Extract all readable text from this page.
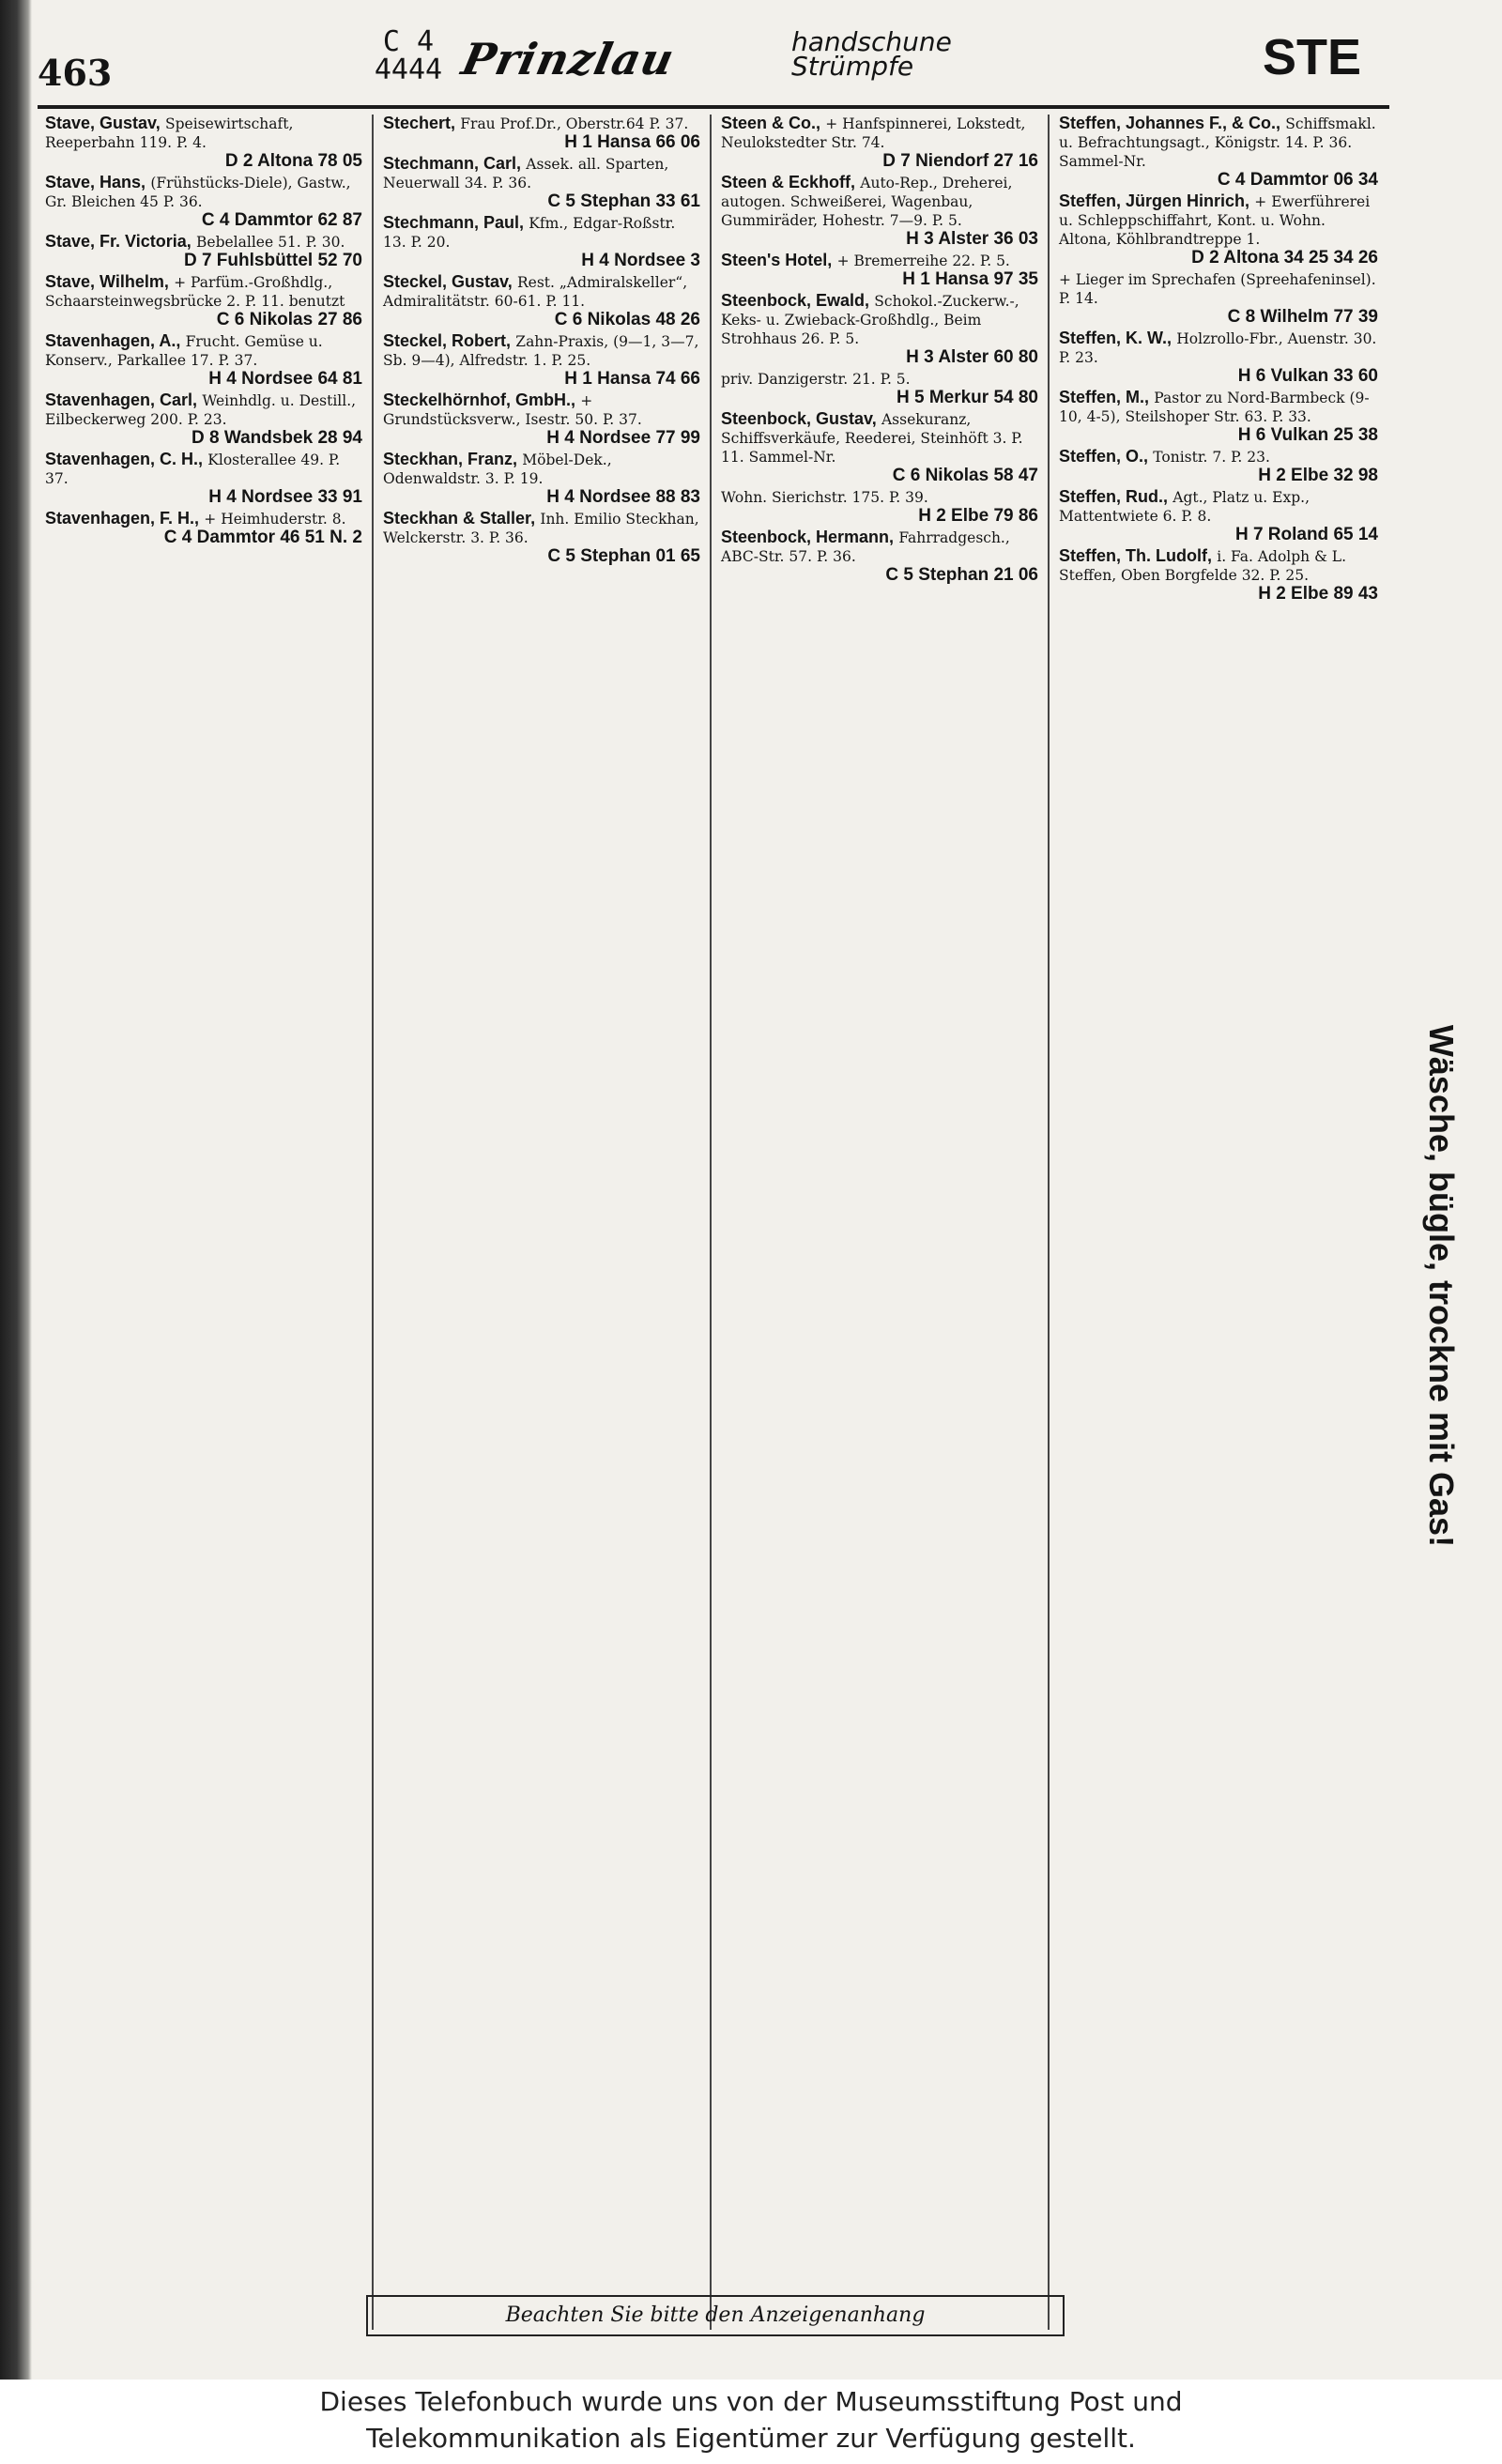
463
C 4
4444 Prinzlau	handschune
Strümpfe	STE
Stave, Gustav, Speisewirtschaft, Reeperbahn 119. P. 4.
D 2 Altona 78 05
Stave, Hans, (Frühstücks-Diele), Gastw., Gr. Bleichen 45 P. 36.
C 4 Dammtor 62 87
Stave, Fr. Victoria, Bebelallee 51. P. 30.
D 7 Fuhlsbüttel 52 70
Stave, Wilhelm, + Parfüm.-Großhdlg., Schaarsteinwegsbrücke 2. P. 11. benutzt
C 6 Nikolas 27 86
Stavenhagen, A., Frucht. Gemüse u. Konserv., Parkallee 17. P. 37.
H 4 Nordsee 64 81
Stavenhagen, Carl, Weinhdlg. u. Destill., Eilbeckerweg 200. P. 23.
D 8 Wandsbek 28 94
Stavenhagen, C. H., Klosterallee 49. P. 37.
H 4 Nordsee 33 91
Stavenhagen, F. H., + Heimhuderstr. 8.
C 4 Dammtor 46 51 N. 2
Stechert, Frau Prof.Dr., Oberstr.64 P. 37.
H 1 Hansa 66 06
Stechmann, Carl, Assek. all. Sparten, Neuerwall 34. P. 36.
C 5 Stephan 33 61
Stechmann, Paul, Kfm., Edgar-Roßstr. 13. P. 20.
H 4 Nordsee 3
Steckel, Gustav, Rest. „Admiralskeller“, Admiralitätstr. 60-61. P. 11.
C 6 Nikolas 48 26
Steckel, Robert, Zahn-Praxis, (9—1, 3—7, Sb. 9—4), Alfredstr. 1. P. 25.
H 1 Hansa 74 66
Steckelhörnhof, GmbH., + Grundstücksverw., Isestr. 50. P. 37.
H 4 Nordsee 77 99
Steckhan, Franz, Möbel-Dek., Odenwaldstr. 3. P. 19.
H 4 Nordsee 88 83
Steckhan & Staller, Inh. Emilio Steckhan, Welckerstr. 3. P. 36.
C 5 Stephan 01 65
Steen & Co., + Hanfspinnerei, Lokstedt, Neulokstedter Str. 74.
D 7 Niendorf 27 16
Steen & Eckhoff, Auto-Rep., Dreherei, autogen. Schweißerei, Wagenbau, Gummiräder, Hohestr. 7—9. P. 5.
H 3 Alster 36 03
Steen's Hotel, + Bremerreihe 22. P. 5.
H 1 Hansa 97 35
Steenbock, Ewald, Schokol.-Zuckerw.-, Keks- u. Zwieback-Großhdlg., Beim Strohhaus 26. P. 5.
H 3 Alster 60 80
priv. Danzigerstr. 21. P. 5.
H 5 Merkur 54 80
Steenbock, Gustav, Assekuranz, Schiffsverkäufe, Reederei, Steinhöft 3. P. 11. Sammel-Nr.
C 6 Nikolas 58 47
Wohn. Sierichstr. 175. P. 39.
H 2 Elbe 79 86
Steenbock, Hermann, Fahrradgesch., ABC-Str. 57. P. 36.
C 5 Stephan 21 06
Steffen, Johannes F., & Co., Schiffsmakl. u. Befrachtungsagt., Königstr. 14. P. 36. Sammel-Nr.
C 4 Dammtor 06 34
Steffen, Jürgen Hinrich, + Ewerführerei u. Schleppschiffahrt, Kont. u. Wohn. Altona, Köhlbrandtreppe 1.
D 2 Altona 34 25 34 26
+ Lieger im Sprechafen (Spreehafeninsel). P. 14.
C 8 Wilhelm 77 39
Steffen, K. W., Holzrollo-Fbr., Auenstr. 30. P. 23.
H 6 Vulkan 33 60
Steffen, M., Pastor zu Nord-Barmbeck (9-10, 4-5), Steilshoper Str. 63. P. 33.
H 6 Vulkan 25 38
Steffen, O., Tonistr. 7. P. 23.
H 2 Elbe 32 98
Steffen, Rud., Agt., Platz u. Exp., Mattentwiete 6. P. 8.
H 7 Roland 65 14
Steffen, Th. Ludolf, i. Fa. Adolph & L. Steffen, Oben Borgfelde 32. P. 25.
H 2 Elbe 89 43
Wäsche, bügle, trockne mit Gas!
Beachten Sie bitte den Anzeigenanhang
Dieses Telefonbuch wurde uns von der Museumsstiftung Post und
Telekommunikation als Eigentümer zur Verfügung gestellt.
